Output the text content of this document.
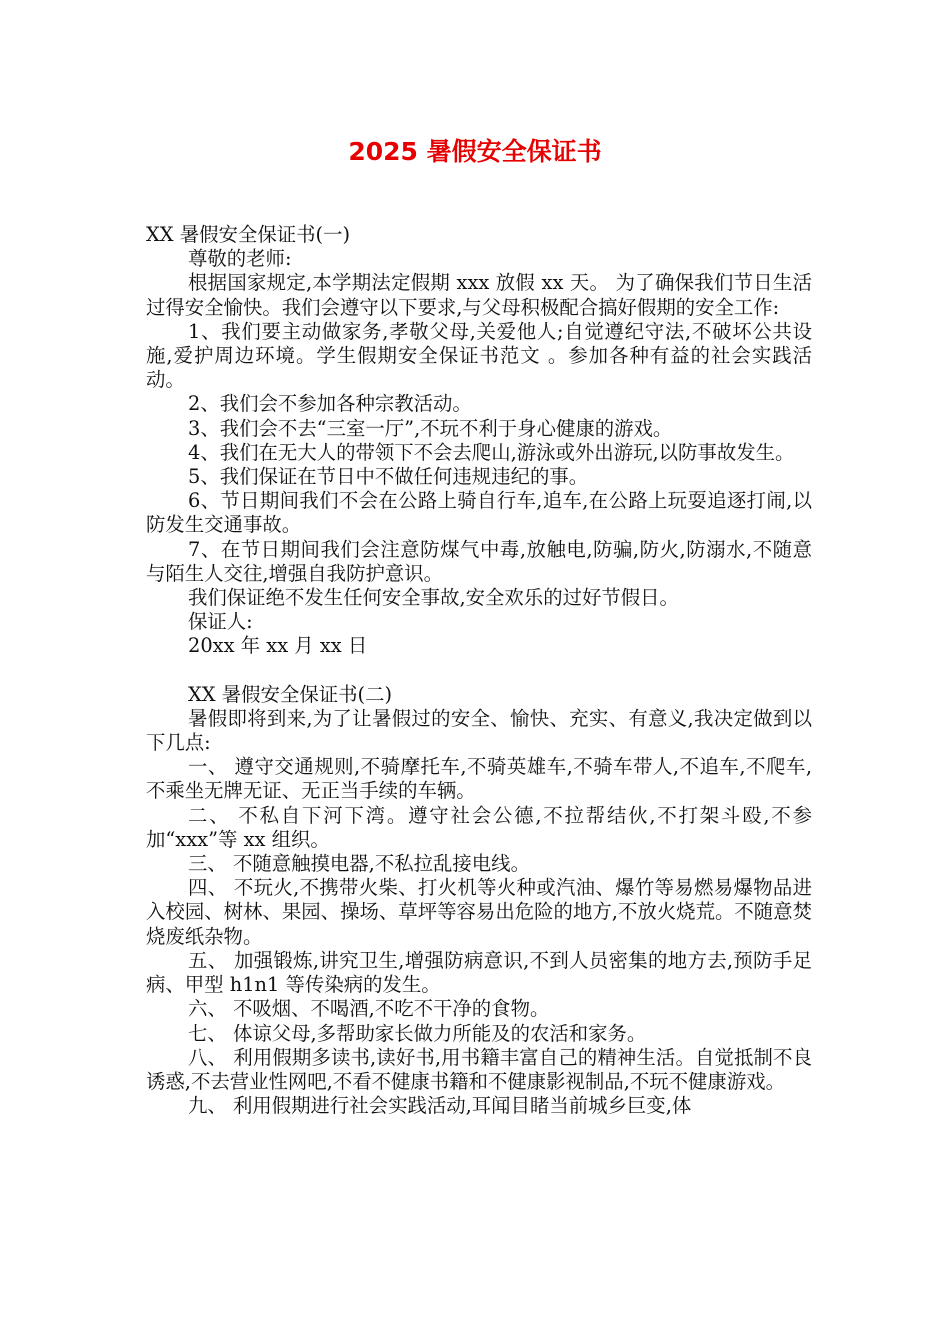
2025 暑假安全保证书

XX 暑假安全保证书(一)

尊敬的老师:

根据国家规定,本学期法定假期 xxx 放假 xx 天。 为了确保我们节日生活过得安全愉快。我们会遵守以下要求,与父母积极配合搞好假期的安全工作:

1、我们要主动做家务,孝敬父母,关爱他人;自觉遵纪守法,不破坏公共设施,爱护周边环境。学生假期安全保证书范文 。参加各种有益的社会实践活动。

2、我们会不参加各种宗教活动。

3、我们会不去“三室一厅”,不玩不利于身心健康的游戏。

4、我们在无大人的带领下不会去爬山,游泳或外出游玩,以防事故发生。

5、我们保证在节日中不做任何违规违纪的事。

6、节日期间我们不会在公路上骑自行车,追车,在公路上玩耍追逐打闹,以防发生交通事故。

7、在节日期间我们会注意防煤气中毒,放触电,防骗,防火,防溺水,不随意与陌生人交往,增强自我防护意识。

我们保证绝不发生任何安全事故,安全欢乐的过好节假日。

保证人:

20xx 年 xx 月 xx 日

XX 暑假安全保证书(二)

暑假即将到来,为了让暑假过的安全、愉快、充实、有意义,我决定做到以下几点:

一、 遵守交通规则,不骑摩托车,不骑英雄车,不骑车带人,不追车,不爬车,不乘坐无牌无证、无正当手续的车辆。

二、 不私自下河下湾。遵守社会公德,不拉帮结伙,不打架斗殴,不参加“xxx”等 xx 组织。

三、 不随意触摸电器,不私拉乱接电线。

四、 不玩火,不携带火柴、打火机等火种或汽油、爆竹等易燃易爆物品进入校园、树林、果园、操场、草坪等容易出危险的地方,不放火烧荒。不随意焚烧废纸杂物。

五、 加强锻炼,讲究卫生,增强防病意识,不到人员密集的地方去,预防手足病、甲型 h1n1 等传染病的发生。

六、 不吸烟、不喝酒,不吃不干净的食物。

七、 体谅父母,多帮助家长做力所能及的农活和家务。

八、 利用假期多读书,读好书,用书籍丰富自己的精神生活。自觉抵制不良诱惑,不去营业性网吧,不看不健康书籍和不健康影视制品,不玩不健康游戏。

九、 利用假期进行社会实践活动,耳闻目睹当前城乡巨变,体
